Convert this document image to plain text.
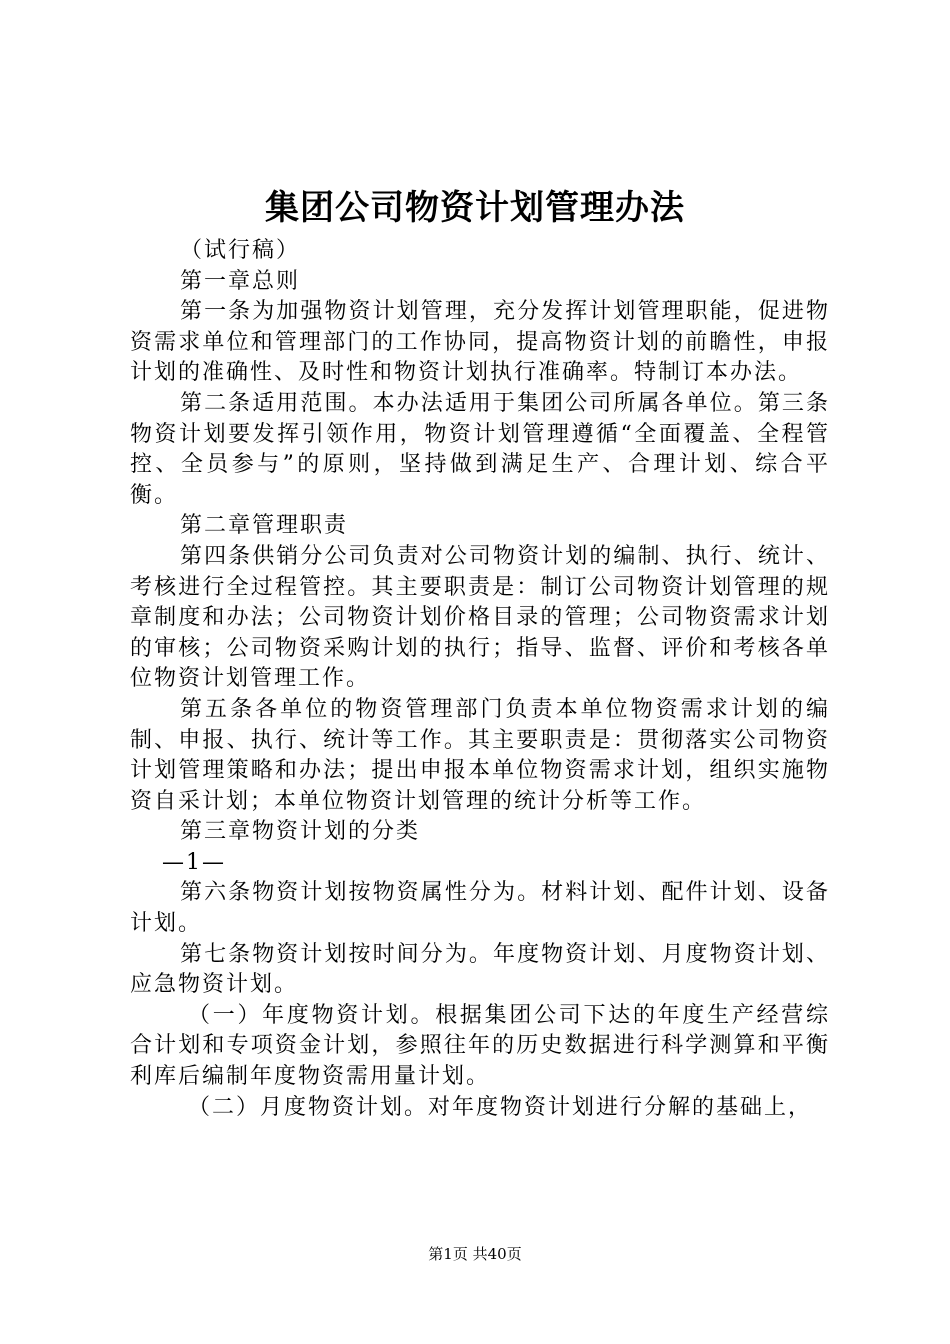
集团公司物资计划管理办法

（试行稿）

第一章总则

第一条为加强物资计划管理，充分发挥计划管理职能，促进物资需求单位和管理部门的工作协同，提高物资计划的前瞻性，申报计划的准确性、及时性和物资计划执行准确率。特制订本办法。

第二条适用范围。本办法适用于集团公司所属各单位。第三条物资计划要发挥引领作用，物资计划管理遵循“全面覆盖、全程管控、全员参与”的原则，坚持做到满足生产、合理计划、综合平衡。

第二章管理职责

第四条供销分公司负责对公司物资计划的编制、执行、统计、考核进行全过程管控。其主要职责是：制订公司物资计划管理的规章制度和办法；公司物资计划价格目录的管理；公司物资需求计划的审核；公司物资采购计划的执行；指导、监督、评价和考核各单位物资计划管理工作。

第五条各单位的物资管理部门负责本单位物资需求计划的编制、申报、执行、统计等工作。其主要职责是：贯彻落实公司物资计划管理策略和办法；提出申报本单位物资需求计划，组织实施物资自采计划；本单位物资计划管理的统计分析等工作。

第三章物资计划的分类

—1—

第六条物资计划按物资属性分为。材料计划、配件计划、设备计划。

第七条物资计划按时间分为。年度物资计划、月度物资计划、应急物资计划。

（一）年度物资计划。根据集团公司下达的年度生产经营综合计划和专项资金计划，参照往年的历史数据进行科学测算和平衡利库后编制年度物资需用量计划。

（二）月度物资计划。对年度物资计划进行分解的基础上，

第1页 共40页
